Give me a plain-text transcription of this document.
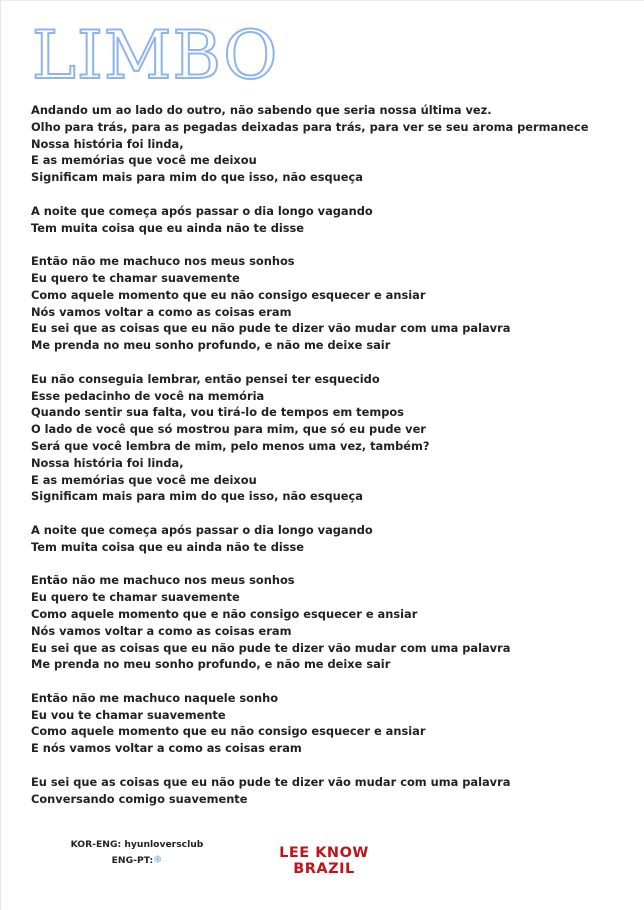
LIMBO
Andando um ao lado do outro, não sabendo que seria nossa última vez.
Olho para trás, para as pegadas deixadas para trás, para ver se seu aroma permanece
Nossa história foi linda,
E as memórias que você me deixou
Significam mais para mim do que isso, não esqueça
A noite que começa após passar o dia longo vagando
Tem muita coisa que eu ainda não te disse
Então não me machuco nos meus sonhos
Eu quero te chamar suavemente
Como aquele momento que eu não consigo esquecer e ansiar
Nós vamos voltar a como as coisas eram
Eu sei que as coisas que eu não pude te dizer vão mudar com uma palavra
Me prenda no meu sonho profundo, e não me deixe sair
Eu não conseguia lembrar, então pensei ter esquecido
Esse pedacinho de você na memória
Quando sentir sua falta, vou tirá-lo de tempos em tempos
O lado de você que só mostrou para mim, que só eu pude ver
Será que você lembra de mim, pelo menos uma vez, também?
Nossa história foi linda,
E as memórias que você me deixou
Significam mais para mim do que isso, não esqueça
A noite que começa após passar o dia longo vagando
Tem muita coisa que eu ainda não te disse
Então não me machuco nos meus sonhos
Eu quero te chamar suavemente
Como aquele momento que e não consigo esquecer e ansiar
Nós vamos voltar a como as coisas eram
Eu sei que as coisas que eu não pude te dizer vão mudar com uma palavra
Me prenda no meu sonho profundo, e não me deixe sair
Então não me machuco naquele sonho
Eu vou te chamar suavemente
Como aquele momento que eu não consigo esquecer e ansiar
E nós vamos voltar a como as coisas eram
Eu sei que as coisas que eu não pude te dizer vão mudar com uma palavra
Conversando comigo suavemente
KOR-ENG: hyunloversclub
ENG-PT:❄	LEE KNOW
BRAZIL
